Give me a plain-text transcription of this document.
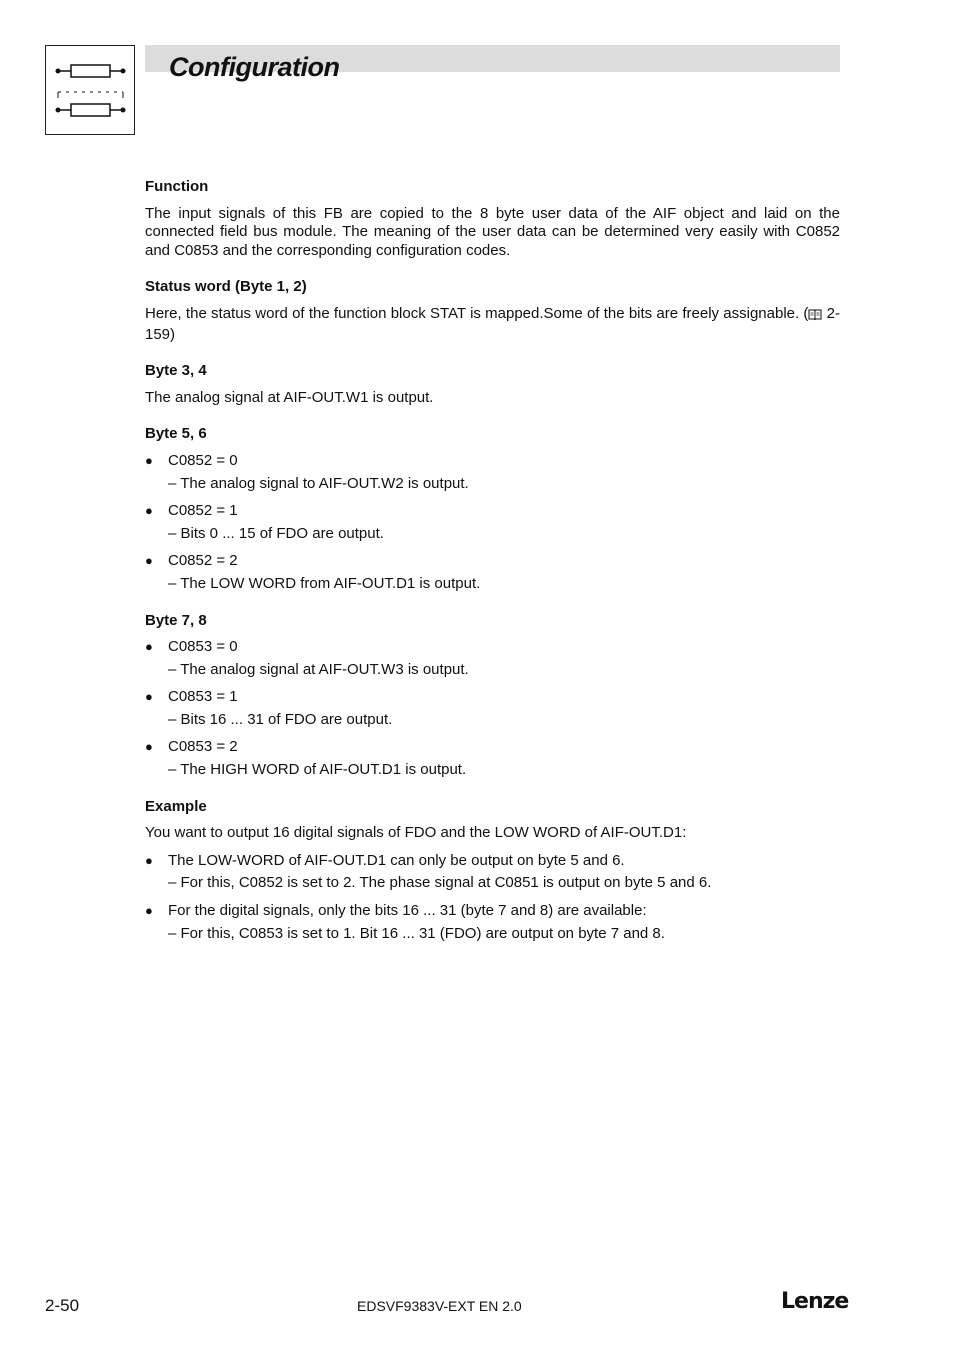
Configuration
Function

The input signals of this FB are copied to the 8 byte user data of the AIF object and laid on the connected field bus module. The meaning of the user data can be determined very easily with C0852 and C0853 and the corresponding configuration codes.

Status word (Byte 1, 2)

Here, the status word of the function block STAT is mapped.Some of the bits are freely assignable. ( 2-159)

Byte 3, 4

The analog signal at AIF-OUT.W1 is output.

Byte 5, 6
● C0852 = 0
– The analog signal to AIF-OUT.W2 is output.
● C0852 = 1
– Bits 0 ... 15 of FDO are output.
● C0852 = 2
– The LOW WORD from AIF-OUT.D1 is output.
Byte 7, 8
● C0853 = 0
– The analog signal at AIF-OUT.W3 is output.
● C0853 = 1
– Bits 16 ... 31 of FDO are output.
● C0853 = 2
– The HIGH WORD of AIF-OUT.D1 is output.
Example

You want to output 16 digital signals of FDO and the LOW WORD of AIF-OUT.D1:

● The LOW-WORD of AIF-OUT.D1 can only be output on byte 5 and 6.
– For this, C0852 is set to 2. The phase signal at C0851 is output on byte 5 and 6.
● For the digital signals, only the bits 16 ... 31 (byte 7 and 8) are available:
– For this, C0853 is set to 1. Bit 16 ... 31 (FDO) are output on byte 7 and 8.
2-50	EDSVF9383V-EXT EN 2.0	Lenze
